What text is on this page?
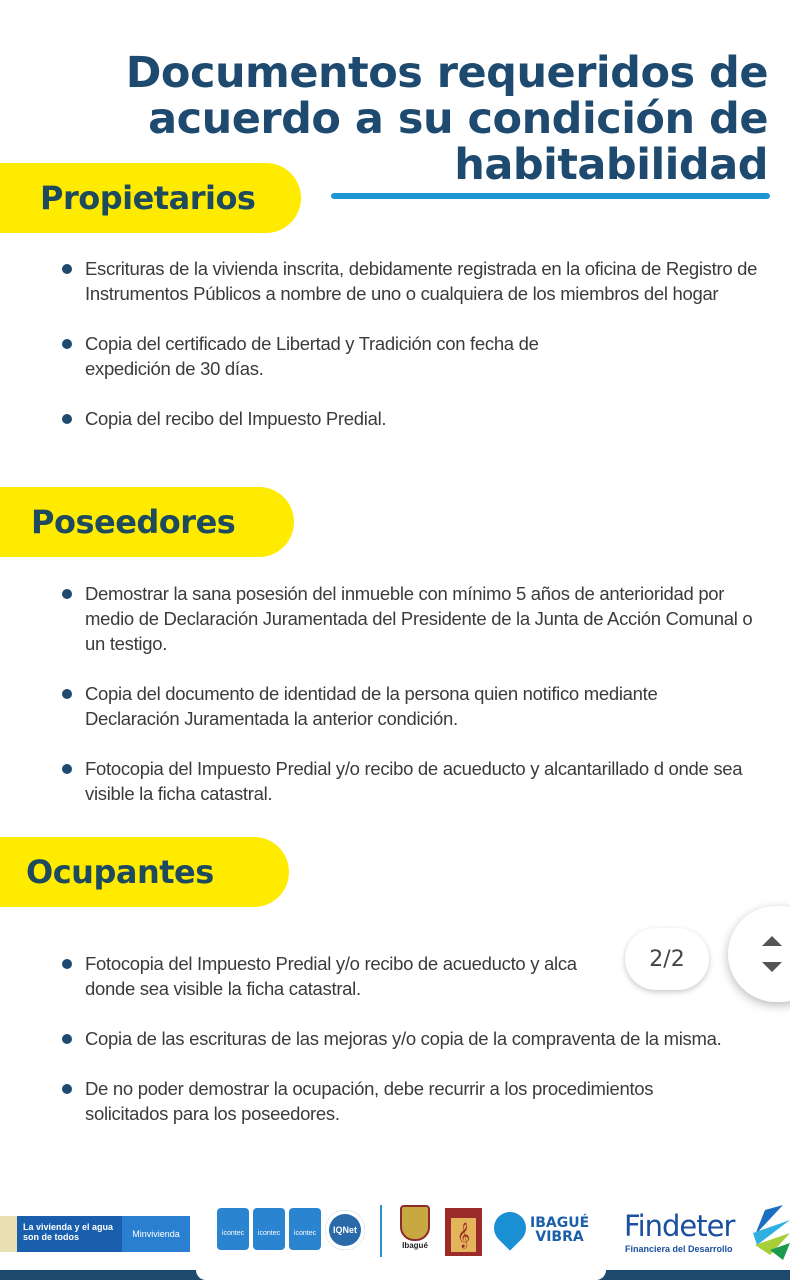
Documentos requeridos de
acuerdo a su condición de
habitabilidad
Propietarios
Escrituras de la vivienda inscrita, debidamente registrada en la oficina de Registro de Instrumentos Públicos a nombre de uno o cualquiera de los miembros del hogar
Copia del certificado de Libertad y Tradición con fecha de expedición de 30 días.
Copia del recibo del Impuesto Predial.
Poseedores
Demostrar la sana posesión del inmueble con mínimo 5 años de anterioridad por medio de Declaración Juramentada del Presidente de la Junta de Acción Comunal o un testigo.
Copia del documento de identidad de la persona quien notifico mediante Declaración Juramentada la anterior condición.
Fotocopia del Impuesto Predial y/o recibo de acueducto y alcantarillado d onde sea visible la ficha catastral.
Ocupantes
Fotocopia del Impuesto Predial y/o recibo de acueducto y alca
donde sea visible la ficha catastral.
Copia de las escrituras de las mejoras y/o copia de la compraventa de la misma.
De no poder demostrar la ocupación, debe recurrir a los procedimientos solicitados para los poseedores.
2/2
La vivienda y el agua son de todos	Minvivienda	icontec	icontec	icontec	IQNet
Ibagué 𝄞	IBAGUÉ
VIBRA Findeter
Financiera del Desarrollo
